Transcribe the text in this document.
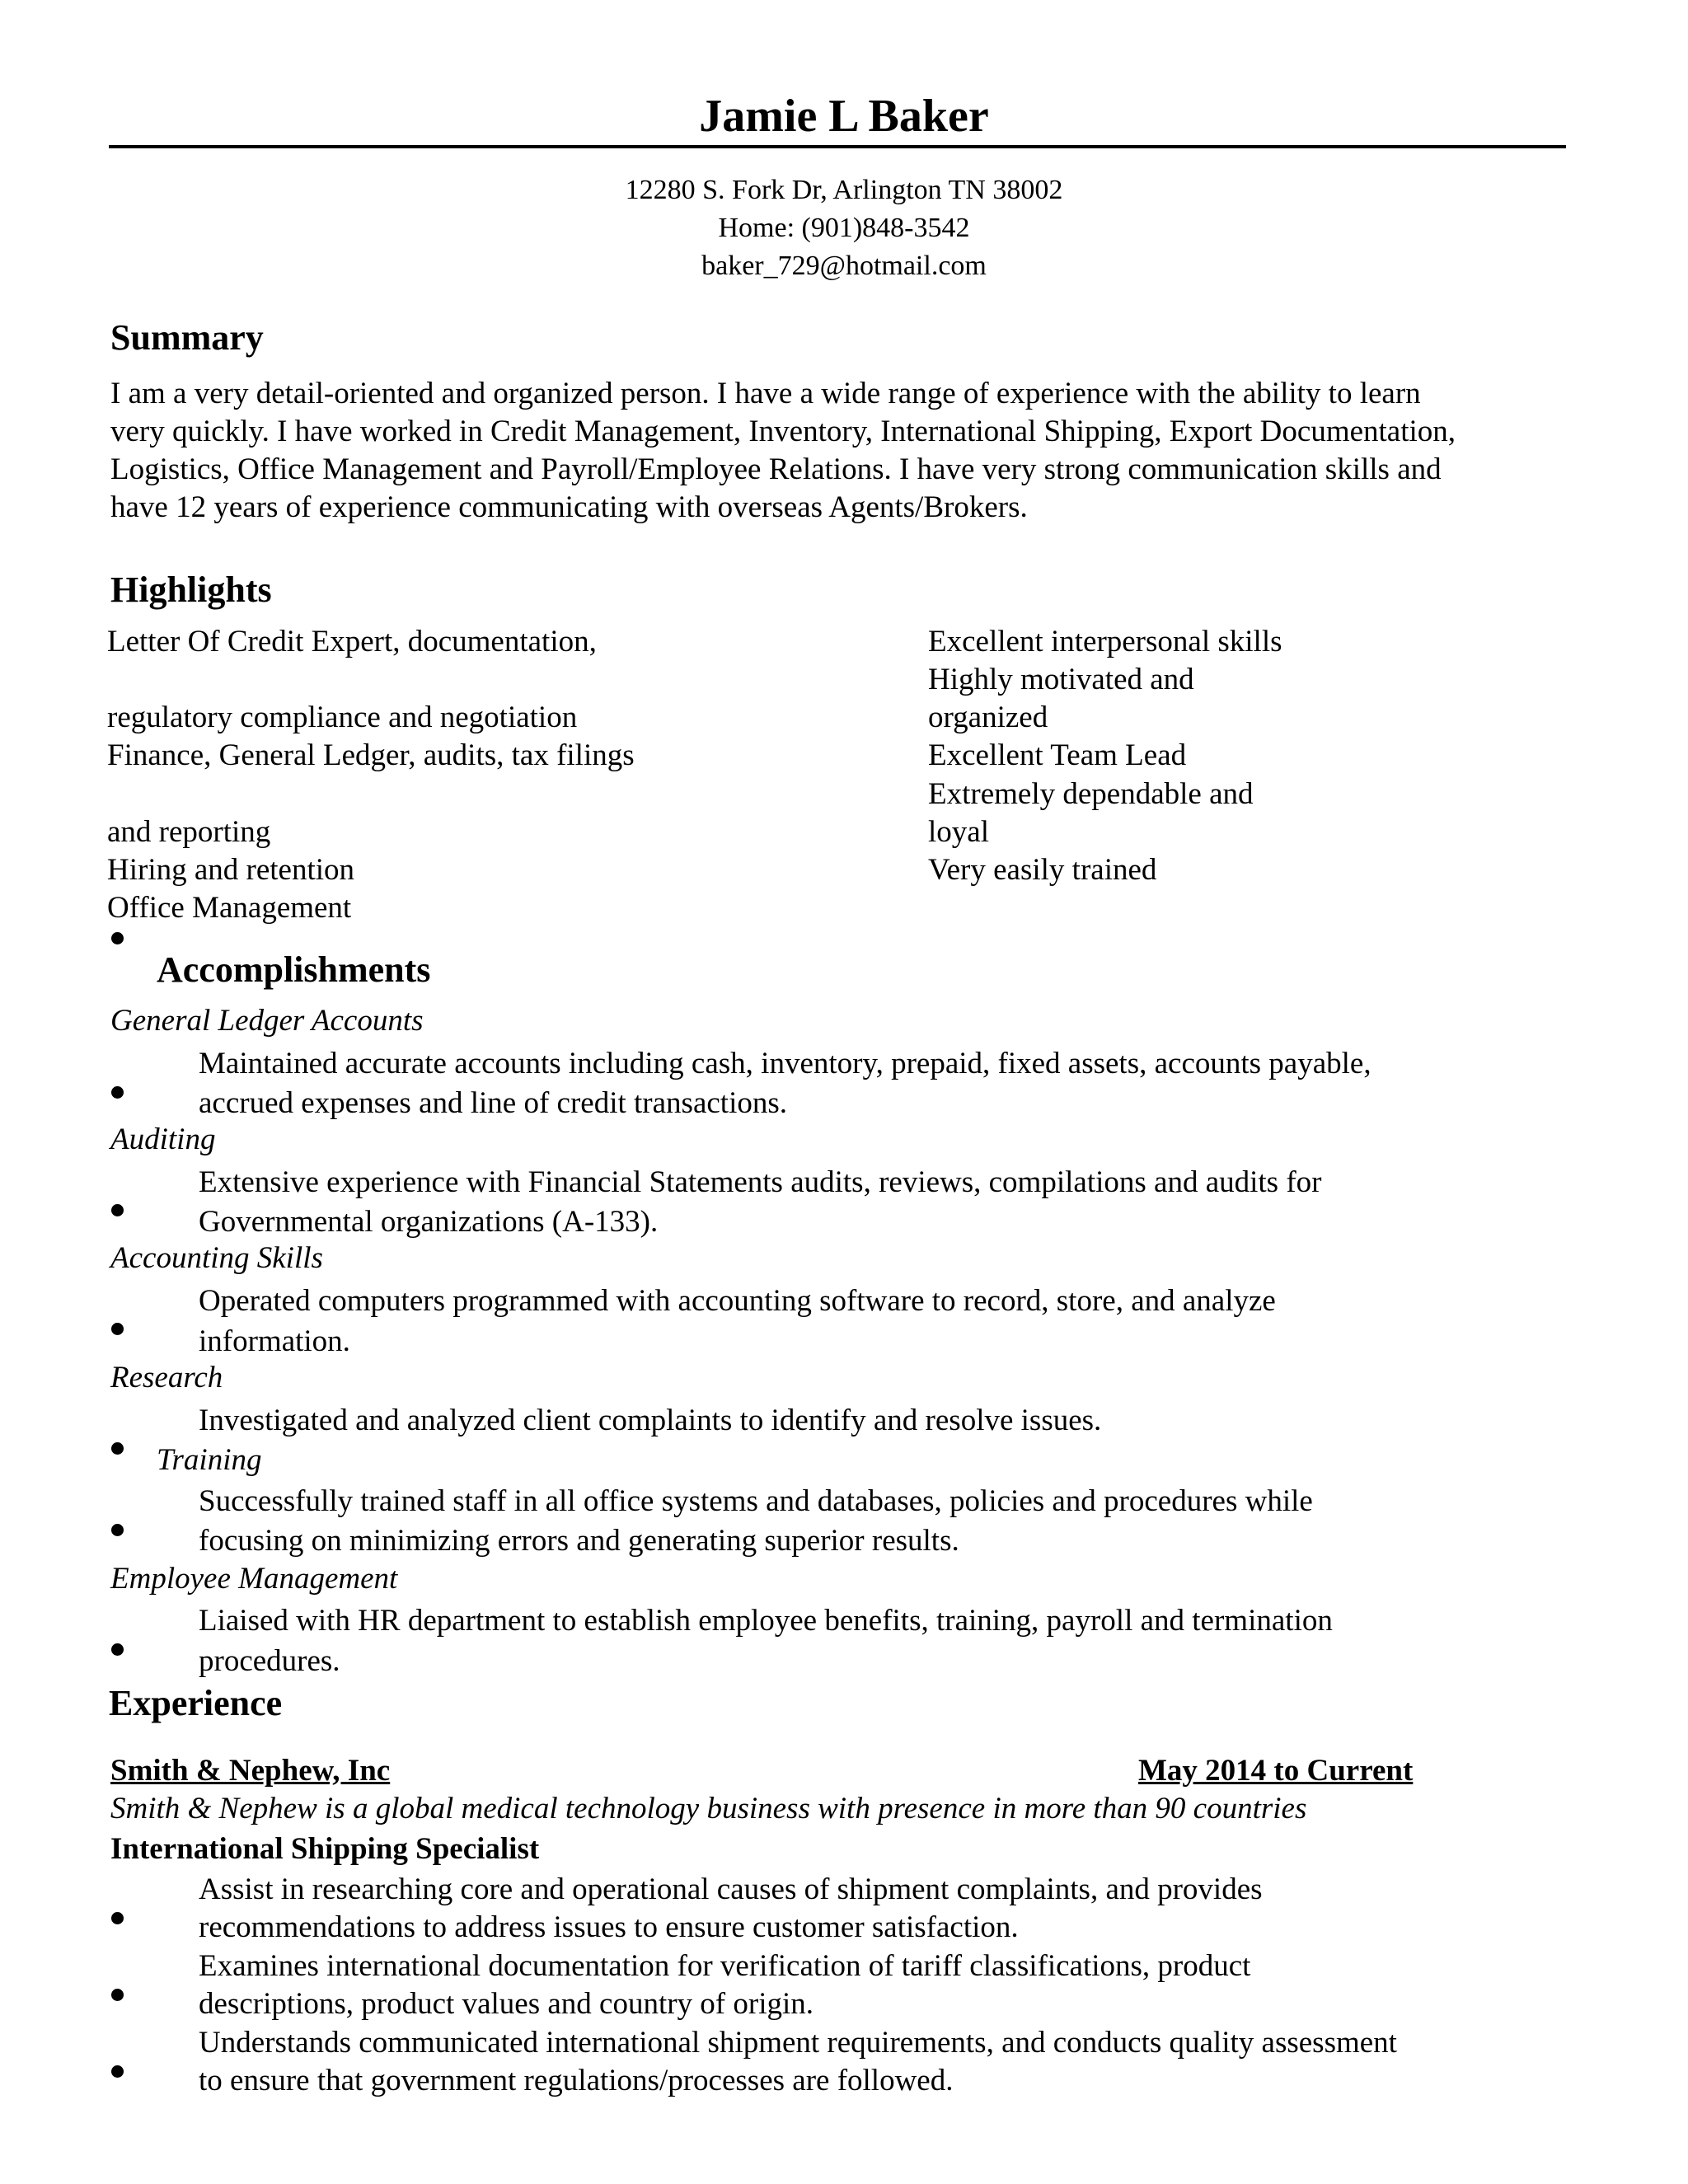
Jamie L Baker
12280 S. Fork Dr, Arlington TN 38002
Home: (901)848-3542
baker_729@hotmail.com
Summary
I am a very detail-oriented and organized person. I have a wide range of experience with the ability to learn
very quickly. I have worked in Credit Management, Inventory, International Shipping, Export Documentation,
Logistics, Office Management and Payroll/Employee Relations. I have very strong communication skills and
have 12 years of experience communicating with overseas Agents/Brokers.
Highlights
Letter Of Credit Expert, documentation,
regulatory compliance and negotiation
Finance, General Ledger, audits, tax filings
and reporting
Hiring and retention
Office Management
Excellent interpersonal skills
Highly motivated and
organized
Excellent Team Lead
Extremely dependable and
loyal
Very easily trained
Accomplishments
General Ledger Accounts
Maintained accurate accounts including cash, inventory, prepaid, fixed assets, accounts payable,
accrued expenses and line of credit transactions.
Auditing
Extensive experience with Financial Statements audits, reviews, compilations and audits for
Governmental organizations (A-133).
Accounting Skills
Operated computers programmed with accounting software to record, store, and analyze
information.
Research
Investigated and analyzed client complaints to identify and resolve issues.
Training
Successfully trained staff in all office systems and databases, policies and procedures while
focusing on minimizing errors and generating superior results.
Employee Management
Liaised with HR department to establish employee benefits, training, payroll and termination
procedures.
Experience
Smith & Nephew, Inc	May 2014 to Current
Smith & Nephew is a global medical technology business with presence in more than 90 countries
International Shipping Specialist
Assist in researching core and operational causes of shipment complaints, and provides
recommendations to address issues to ensure customer satisfaction.
Examines international documentation for verification of tariff classifications, product
descriptions, product values and country of origin.
Understands communicated international shipment requirements, and conducts quality assessment
to ensure that government regulations/processes are followed.
